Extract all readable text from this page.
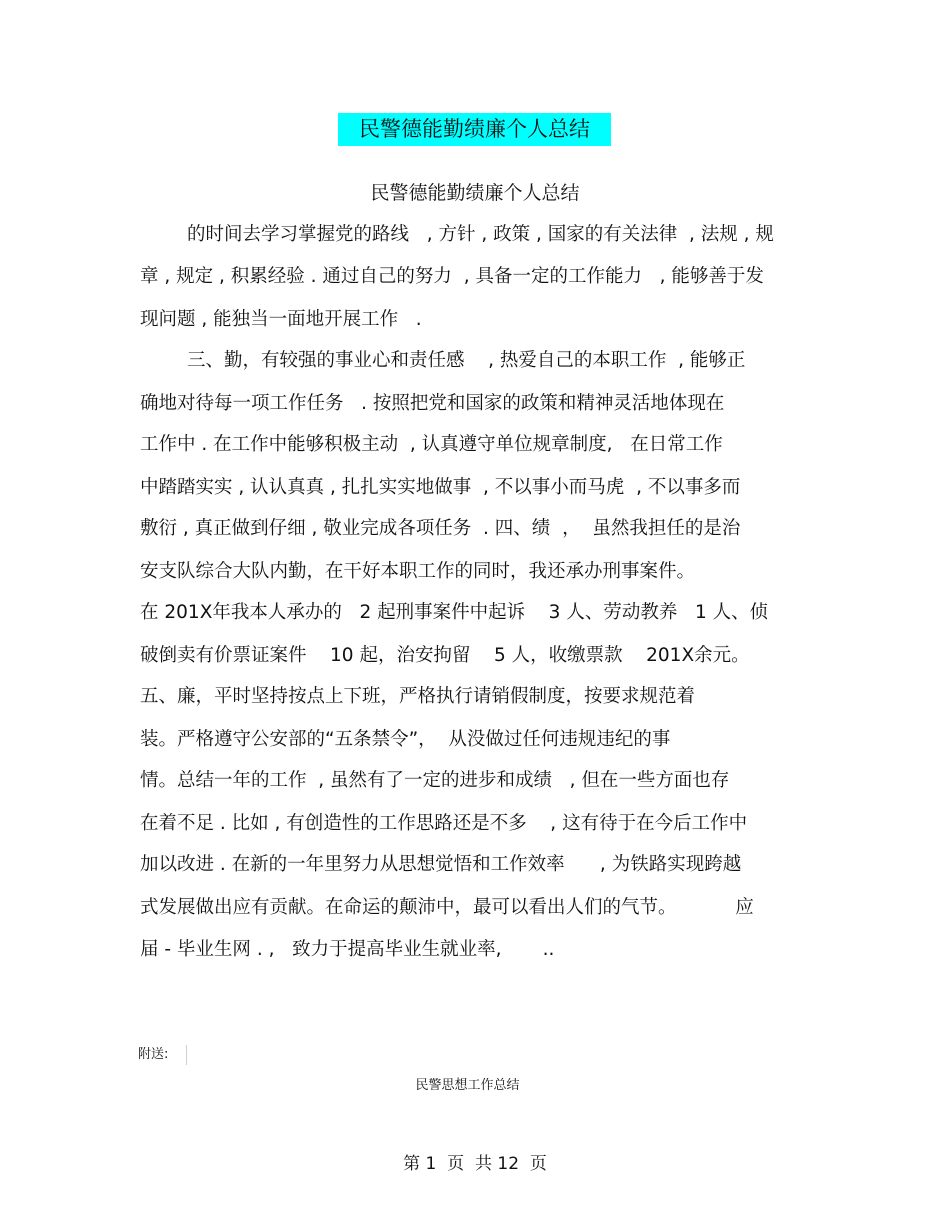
民警德能勤绩廉个人总结
民警德能勤绩廉个人总结
的时间去学习掌握党的路线   , 方针 , 政策 , 国家的有关法律  , 法规 , 规
章 , 规定 , 积累经验 . 通过自己的努力  , 具备一定的工作能力   , 能够善于发
现问题 , 能独当一面地开展工作   .
三、勤，有较强的事业心和责任感    , 热爱自己的本职工作  , 能够正
确地对待每一项工作任务   . 按照把党和国家的政策和精神灵活地体现在
工作中 . 在工作中能够积极主动  , 认真遵守单位规章制度,   在日常工作
中踏踏实实 , 认认真真 , 扎扎实实地做事  , 不以事小而马虎  , 不以事多而
敷衍 , 真正做到仔细 , 敬业完成各项任务  . 四、绩  ，  虽然我担任的是治
安支队综合大队内勤，在干好本职工作的同时，我还承办刑事案件。
在 201X年我本人承办的   2 起刑事案件中起诉    3 人、劳动教养   1 人、侦
破倒卖有价票证案件    10 起，治安拘留    5 人，收缴票款    201X余元。
五、廉，平时坚持按点上下班，严格执行请销假制度，按要求规范着
装。严格遵守公安部的“五条禁令”，  从没做过任何违规违纪的事
情。总结一年的工作  , 虽然有了一定的进步和成绩   , 但在一些方面也存
在着不足 . 比如 , 有创造性的工作思路还是不多    , 这有待于在今后工作中
加以改进 . 在新的一年里努力从思想觉悟和工作效率      , 为铁路实现跨越
式发展做出应有贡献。在命运的颠沛中，最可以看出人们的气节。          应
届 - 毕业生网 . ,   致力于提高毕业生就业率,       ..
附送:
民警思想工作总结
第 1  页  共 12  页
